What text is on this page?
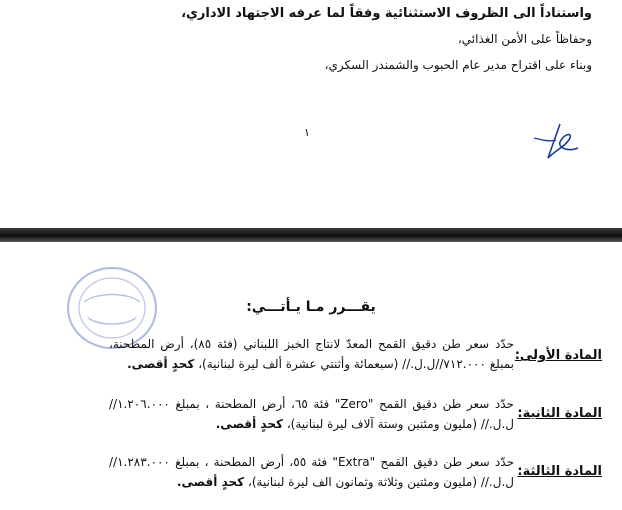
واستناداً الى الظروف الاستثنائية وفقاً لما عرفه الاجتهاد الاداري،
وحفاظاً على الأمن الغذائي،
وبناء على اقتراح مدير عام الحبوب والشمندر السكري،
١
يقـــرر مـا يـأتـــي:
المادة الأولى:
حدّد سعر طن دقيق القمح المعدّ لانتاج الخبز اللبناني (فئة ٨٥)، أرض المطحنة، بمبلغ ٧١٢.٠٠٠//ل.ل.// (سبعمائة وأثنتي عشرة ألف ليرة لبنانية)، كحدٍ أقصى.
المادة الثانية:
حدّد سعر طن دقيق القمح "Zero" فئة ٦٥، أرض المطحنة ، بمبلغ ١.٢٠٦.٠٠٠//ل.ل.// (مليون ومئتين وستة آلاف ليرة لبنانية)، كحدٍ أقصى.
المادة الثالثة:
حدّد سعر طن دقيق القمح "Extra" فئة ٥٥، أرض المطحنة ، بمبلغ ١.٢٨٣.٠٠٠//ل.ل.// (مليون ومئتين وثلاثة وثمانون الف ليرة لبنانية)، كحدٍ أقصى.
